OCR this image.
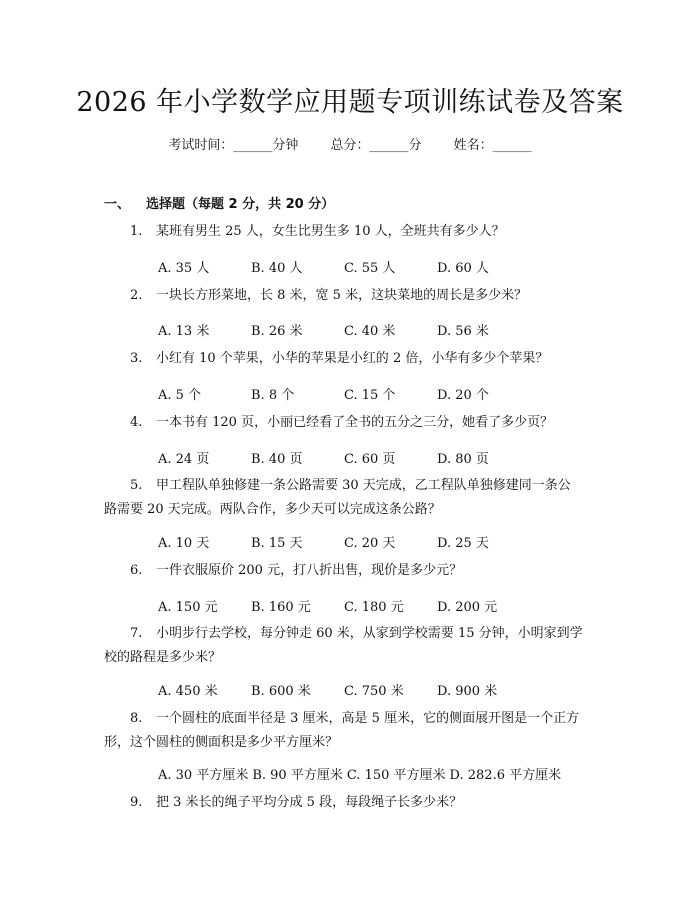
2026 年小学数学应用题专项训练试卷及答案
考试时间：______分钟 总分：______分 姓名：______
一、 选择题（每题 2 分，共 20 分）
1. 某班有男生 25 人，女生比男生多 10 人，全班共有多少人？
A. 35 人	B. 40 人	C. 55 人	D. 60 人
2. 一块长方形菜地，长 8 米，宽 5 米，这块菜地的周长是多少米？
A. 13 米	B. 26 米	C. 40 米	D. 56 米
3. 小红有 10 个苹果，小华的苹果是小红的 2 倍，小华有多少个苹果？
A. 5 个	B. 8 个	C. 15 个	D. 20 个
4. 一本书有 120 页，小丽已经看了全书的五分之三分，她看了多少页？
A. 24 页	B. 40 页	C. 60 页	D. 80 页
5. 甲工程队单独修建一条公路需要 30 天完成，乙工程队单独修建同一条公
路需要 20 天完成。两队合作，多少天可以完成这条公路？
A. 10 天	B. 15 天	C. 20 天	D. 25 天
6. 一件衣服原价 200 元，打八折出售，现价是多少元？
A. 150 元	B. 160 元	C. 180 元	D. 200 元
7. 小明步行去学校，每分钟走 60 米，从家到学校需要 15 分钟，小明家到学
校的路程是多少米？
A. 450 米	B. 600 米	C. 750 米	D. 900 米
8. 一个圆柱的底面半径是 3 厘米，高是 5 厘米，它的侧面展开图是一个正方
形，这个圆柱的侧面积是多少平方厘米？
A. 30 平方厘米 B. 90 平方厘米 C. 150 平方厘米 D. 282.6 平方厘米
9. 把 3 米长的绳子平均分成 5 段，每段绳子长多少米？
